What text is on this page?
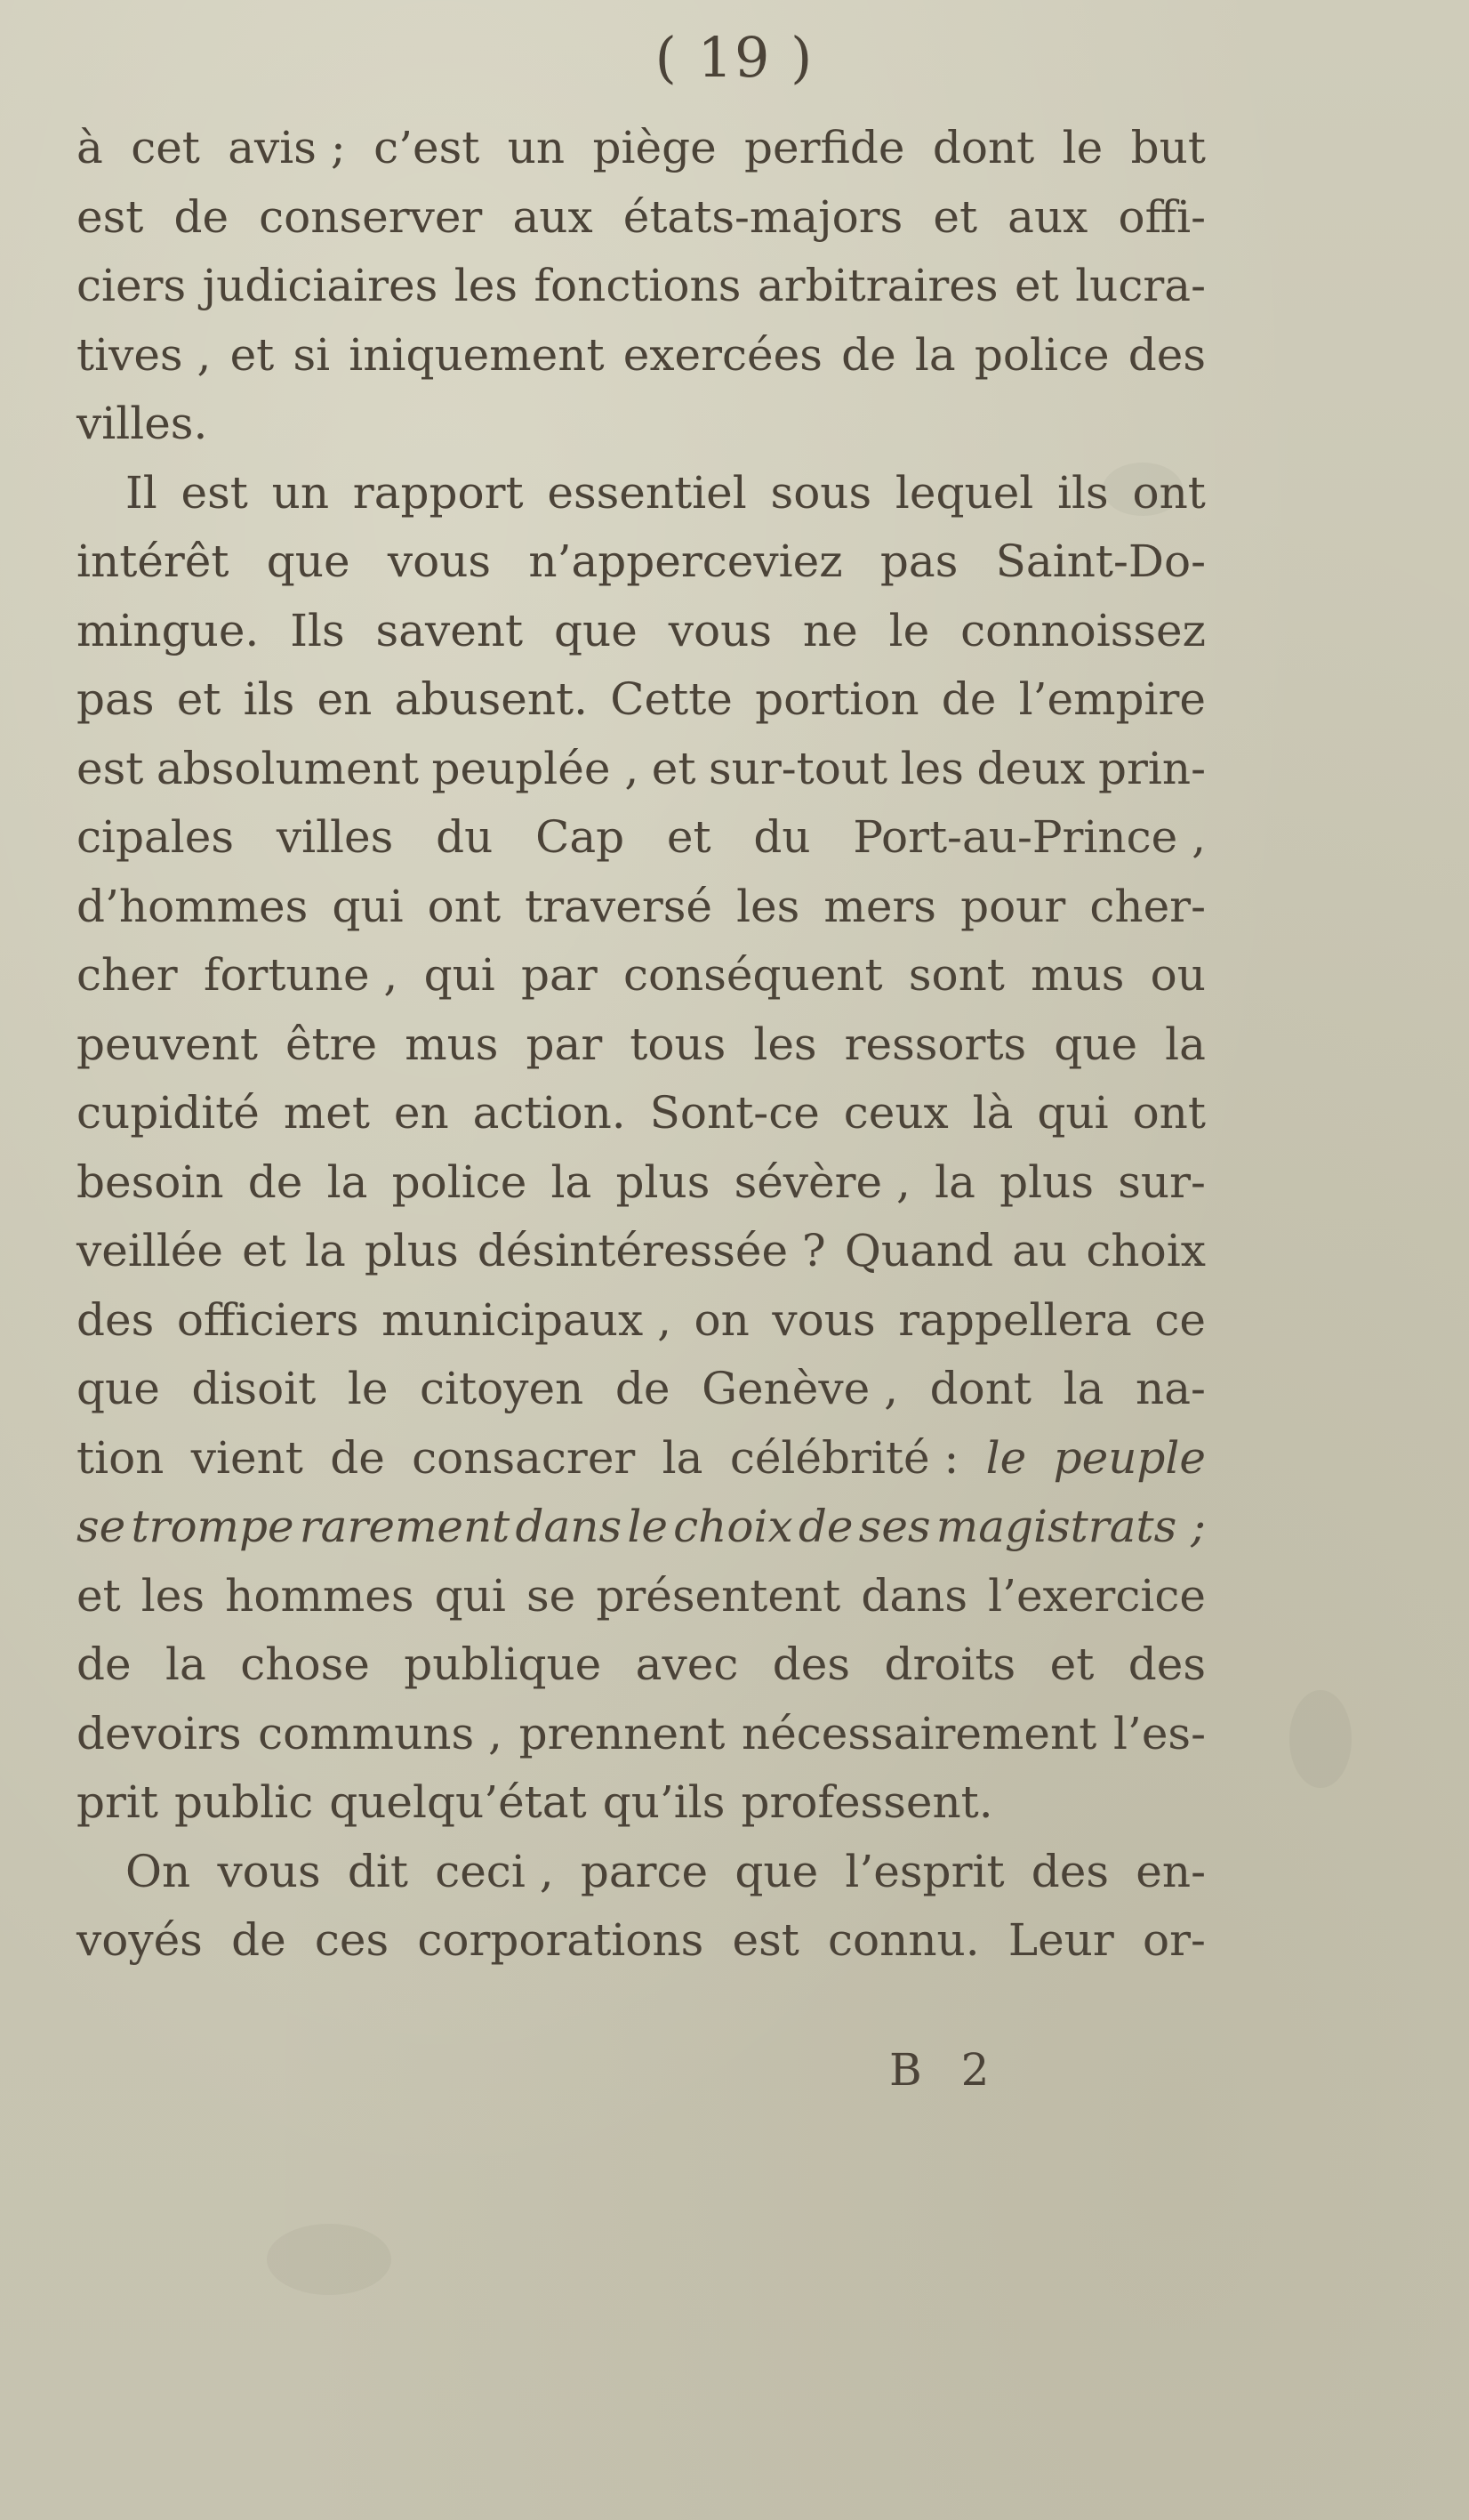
( 19 )
à cet avis ; c’est un piège perfide dont le but
est de conserver aux états-majors et aux offi-
ciers judiciaires les fonctions arbitraires et lucra-
tives , et si iniquement exercées de la police des
villes.
Il est un rapport essentiel sous lequel ils ont
intérêt que vous n’apperceviez pas Saint-Do-
mingue. Ils savent que vous ne le connoissez
pas et ils en abusent. Cette portion de l’empire
est absolument peuplée , et sur-tout les deux prin-
cipales villes du Cap et du Port-au-Prince ,
d’hommes qui ont traversé les mers pour cher-
cher fortune , qui par conséquent sont mus ou
peuvent être mus par tous les ressorts que la
cupidité met en action. Sont-ce ceux là qui ont
besoin de la police la plus sévère , la plus sur-
veillée et la plus désintéressée ? Quand au choix
des officiers municipaux , on vous rappellera ce
que disoit le citoyen de Genève , dont la na-
tion vient de consacrer la célébrité : le peuple
se trompe rarement dans le choix de ses magistrats ;
et les hommes qui se présentent dans l’exercice
de la chose publique avec des droits et des
devoirs communs , prennent nécessairement l’es-
prit public quelqu’état qu’ils professent.
On vous dit ceci , parce que l’esprit des en-
voyés de ces corporations est connu. Leur or-
B 2
